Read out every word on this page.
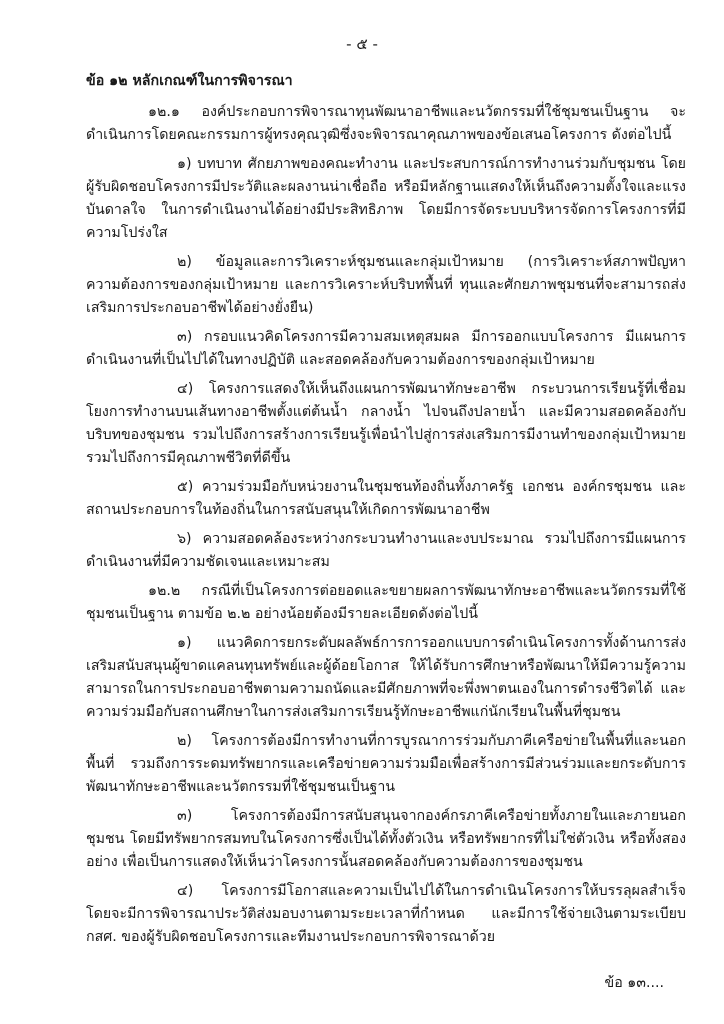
- ๕ -

ข้อ ๑๒ หลักเกณฑ์ในการพิจารณา

๑๒.๑ องค์ประกอบการพิจารณาทุนพัฒนาอาชีพและนวัตกรรมที่ใช้ชุมชนเป็นฐาน จะดำเนินการโดยคณะกรรมการผู้ทรงคุณวุฒิซึ่งจะพิจารณาคุณภาพของข้อเสนอโครงการ ดังต่อไปนี้

๑) บทบาท ศักยภาพของคณะทำงาน และประสบการณ์การทำงานร่วมกับชุมชน โดยผู้รับผิดชอบโครงการมีประวัติและผลงานน่าเชื่อถือ หรือมีหลักฐานแสดงให้เห็นถึงความตั้งใจและแรงบันดาลใจ ในการดำเนินงานได้อย่างมีประสิทธิภาพ โดยมีการจัดระบบบริหารจัดการโครงการที่มีความโปร่งใส

๒) ข้อมูลและการวิเคราะห์ชุมชนและกลุ่มเป้าหมาย (การวิเคราะห์สภาพปัญหา ความต้องการของกลุ่มเป้าหมาย และการวิเคราะห์บริบทพื้นที่ ทุนและศักยภาพชุมชนที่จะสามารถส่งเสริมการประกอบอาชีพได้อย่างยั่งยืน)

๓) กรอบแนวคิดโครงการมีความสมเหตุสมผล มีการออกแบบโครงการ มีแผนการดำเนินงานที่เป็นไปได้ในทางปฏิบัติ และสอดคล้องกับความต้องการของกลุ่มเป้าหมาย

๔) โครงการแสดงให้เห็นถึงแผนการพัฒนาทักษะอาชีพ กระบวนการเรียนรู้ที่เชื่อมโยงการทำงานบนเส้นทางอาชีพตั้งแต่ต้นน้ำ กลางน้ำ ไปจนถึงปลายน้ำ และมีความสอดคล้องกับบริบทของชุมชน รวมไปถึงการสร้างการเรียนรู้เพื่อนำไปสู่การส่งเสริมการมีงานทำของกลุ่มเป้าหมาย รวมไปถึงการมีคุณภาพชีวิตที่ดีขึ้น

๕) ความร่วมมือกับหน่วยงานในชุมชนท้องถิ่นทั้งภาครัฐ เอกชน องค์กรชุมชน และสถานประกอบการในท้องถิ่นในการสนับสนุนให้เกิดการพัฒนาอาชีพ

๖) ความสอดคล้องระหว่างกระบวนทำงานและงบประมาณ รวมไปถึงการมีแผนการดำเนินงานที่มีความชัดเจนและเหมาะสม

๑๒.๒ กรณีที่เป็นโครงการต่อยอดและขยายผลการพัฒนาทักษะอาชีพและนวัตกรรมที่ใช้ชุมชนเป็นฐาน ตามข้อ ๒.๒ อย่างน้อยต้องมีรายละเอียดดังต่อไปนี้

๑) แนวคิดการยกระดับผลลัพธ์การการออกแบบการดำเนินโครงการทั้งด้านการส่งเสริมสนับสนุนผู้ขาดแคลนทุนทรัพย์และผู้ด้อยโอกาส ให้ได้รับการศึกษาหรือพัฒนาให้มีความรู้ความสามารถในการประกอบอาชีพตามความถนัดและมีศักยภาพที่จะพึ่งพาตนเองในการดำรงชีวิตได้ และความร่วมมือกับสถานศึกษาในการส่งเสริมการเรียนรู้ทักษะอาชีพแก่นักเรียนในพื้นที่ชุมชน

๒) โครงการต้องมีการทำงานที่การบูรณาการร่วมกับภาคีเครือข่ายในพื้นที่และนอกพื้นที่ รวมถึงการระดมทรัพยากรและเครือข่ายความร่วมมือเพื่อสร้างการมีส่วนร่วมและยกระดับการพัฒนาทักษะอาชีพและนวัตกรรมที่ใช้ชุมชนเป็นฐาน

๓) โครงการต้องมีการสนับสนุนจากองค์กรภาคีเครือข่ายทั้งภายในและภายนอกชุมชน โดยมีทรัพยากรสมทบในโครงการซึ่งเป็นได้ทั้งตัวเงิน หรือทรัพยากรที่ไม่ใช่ตัวเงิน หรือทั้งสองอย่าง เพื่อเป็นการแสดงให้เห็นว่าโครงการนั้นสอดคล้องกับความต้องการของชุมชน

๔) โครงการมีโอกาสและความเป็นไปได้ในการดำเนินโครงการให้บรรลุผลสำเร็จ โดยจะมีการพิจารณาประวัติส่งมอบงานตามระยะเวลาที่กำหนด และมีการใช้จ่ายเงินตามระเบียบ กสศ. ของผู้รับผิดชอบโครงการและทีมงานประกอบการพิจารณาด้วย

ข้อ ๑๓....
